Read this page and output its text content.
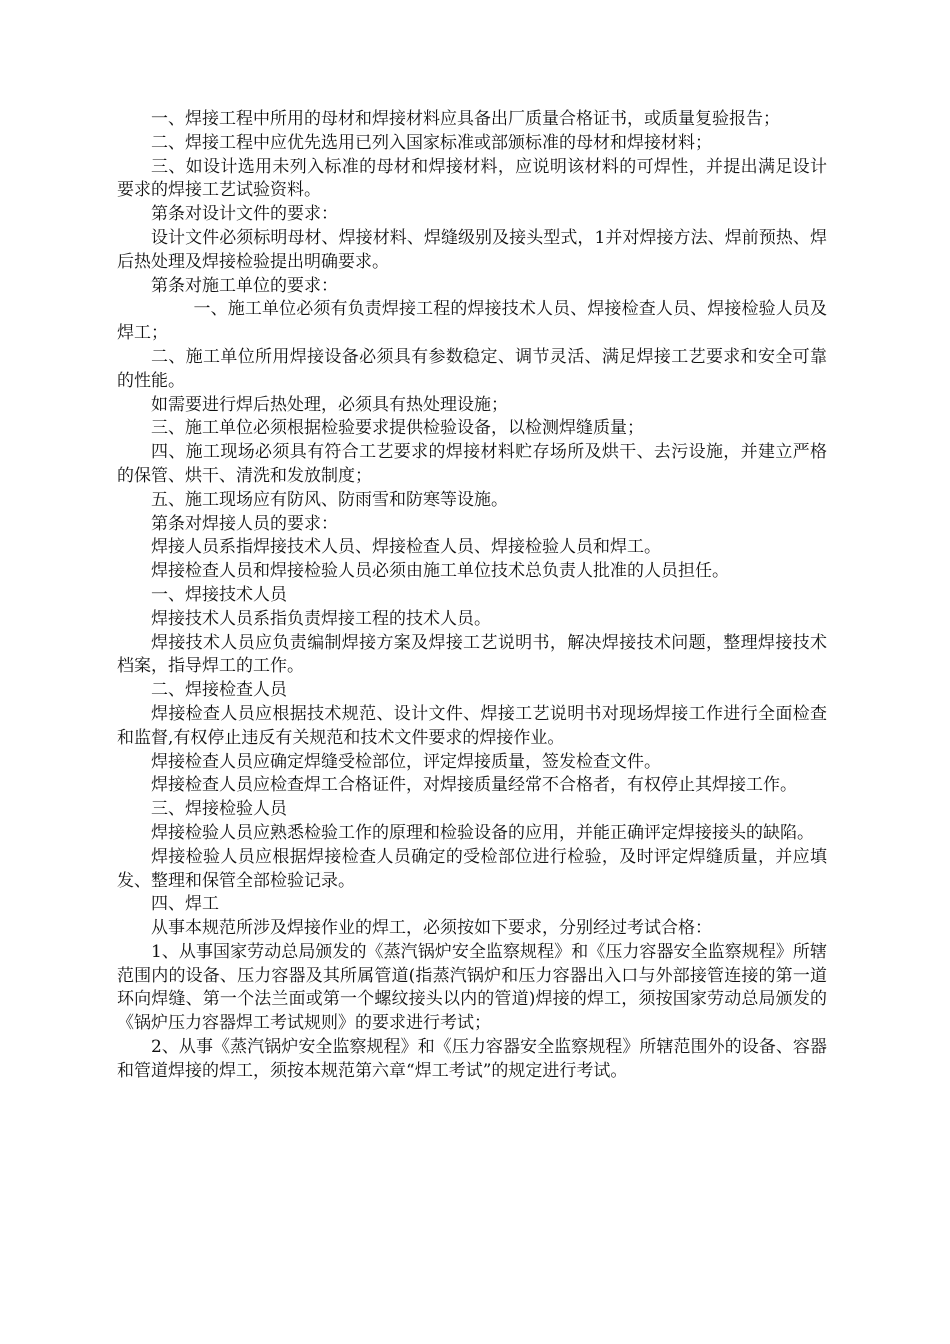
一、焊接工程中所用的母材和焊接材料应具备出厂质量合格证书，或质量复验报告；

二、焊接工程中应优先选用已列入国家标准或部颁标准的母材和焊接材料；

三、如设计选用未列入标准的母材和焊接材料，应说明该材料的可焊性，并提出满足设计要求的焊接工艺试验资料。

第条对设计文件的要求：

设计文件必须标明母材、焊接材料、焊缝级别及接头型式，1并对焊接方法、焊前预热、焊后热处理及焊接检验提出明确要求。

第条对施工单位的要求：

一、施工单位必须有负责焊接工程的焊接技术人员、焊接检查人员、焊接检验人员及焊工；

二、施工单位所用焊接设备必须具有参数稳定、调节灵活、满足焊接工艺要求和安全可靠的性能。

如需要进行焊后热处理，必须具有热处理设施；

三、施工单位必须根据检验要求提供检验设备，以检测焊缝质量；

四、施工现场必须具有符合工艺要求的焊接材料贮存场所及烘干、去污设施，并建立严格的保管、烘干、清洗和发放制度；

五、施工现场应有防风、防雨雪和防寒等设施。

第条对焊接人员的要求：

焊接人员系指焊接技术人员、焊接检查人员、焊接检验人员和焊工。

焊接检查人员和焊接检验人员必须由施工单位技术总负责人批准的人员担任。

一、焊接技术人员

焊接技术人员系指负责焊接工程的技术人员。

焊接技术人员应负责编制焊接方案及焊接工艺说明书，解决焊接技术问题，整理焊接技术档案，指导焊工的工作。

二、焊接检查人员

焊接检查人员应根据技术规范、设计文件、焊接工艺说明书对现场焊接工作进行全面检查和监督,有权停止违反有关规范和技术文件要求的焊接作业。

焊接检查人员应确定焊缝受检部位，评定焊接质量，签发检查文件。

焊接检查人员应检查焊工合格证件，对焊接质量经常不合格者，有权停止其焊接工作。

三、焊接检验人员

焊接检验人员应熟悉检验工作的原理和检验设备的应用，并能正确评定焊接接头的缺陷。

焊接检验人员应根据焊接检查人员确定的受检部位进行检验，及时评定焊缝质量，并应填发、整理和保管全部检验记录。

四、焊工

从事本规范所涉及焊接作业的焊工，必须按如下要求，分别经过考试合格：

1、从事国家劳动总局颁发的《蒸汽锅炉安全监察规程》和《压力容器安全监察规程》所辖范围内的设备、压力容器及其所属管道(指蒸汽锅炉和压力容器出入口与外部接管连接的第一道环向焊缝、第一个法兰面或第一个螺纹接头以内的管道)焊接的焊工，须按国家劳动总局颁发的《锅炉压力容器焊工考试规则》的要求进行考试；

2、从事《蒸汽锅炉安全监察规程》和《压力容器安全监察规程》所辖范围外的设备、容器和管道焊接的焊工，须按本规范第六章“焊工考试”的规定进行考试。
